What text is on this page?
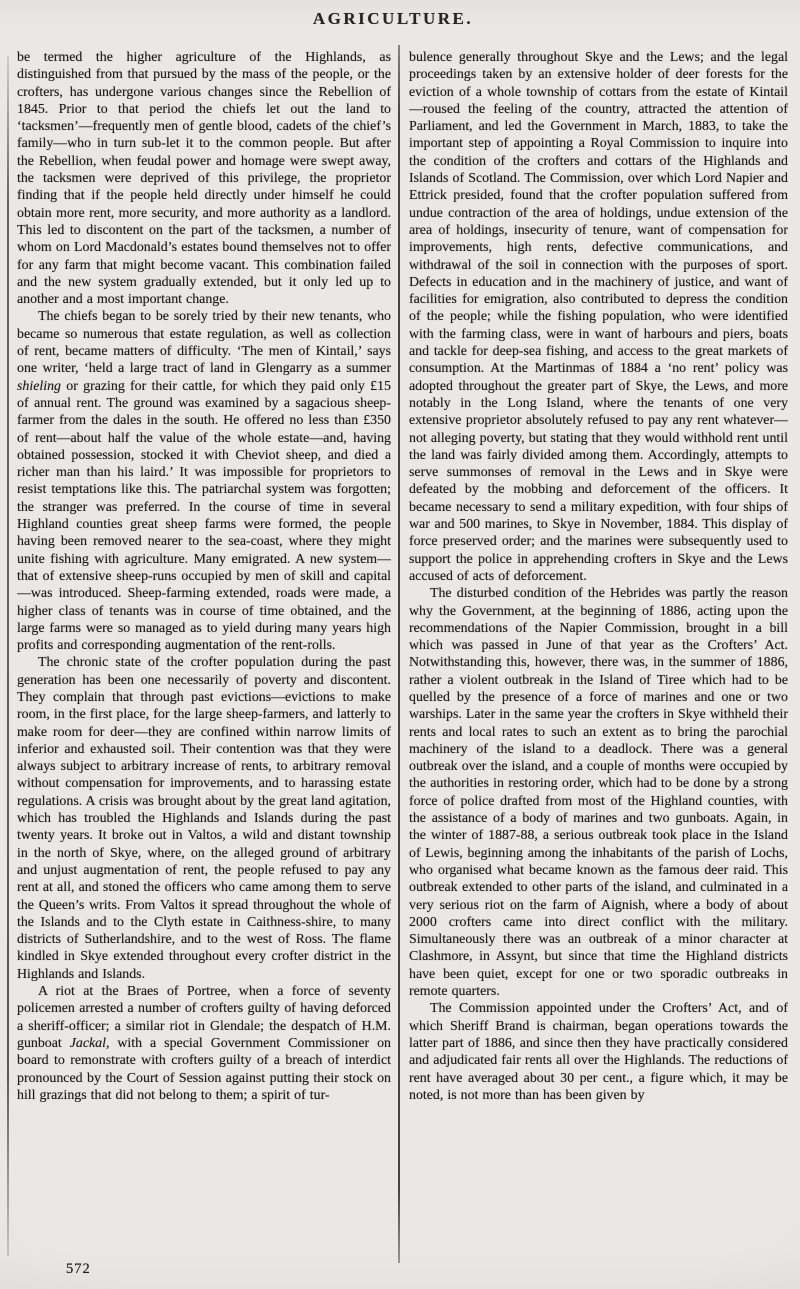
AGRICULTURE.

be termed the higher agriculture of the Highlands, as distinguished from that pursued by the mass of the people, or the crofters, has undergone various changes since the Rebellion of 1845. Prior to that period the chiefs let out the land to ‘tacksmen’—frequently men of gentle blood, cadets of the chief’s family—who in turn sub-let it to the common people. But after the Rebellion, when feudal power and homage were swept away, the tacksmen were deprived of this privilege, the proprietor finding that if the people held directly under himself he could obtain more rent, more security, and more authority as a landlord. This led to discontent on the part of the tacksmen, a number of whom on Lord Macdonald’s estates bound themselves not to offer for any farm that might become vacant. This combination failed and the new system gradually extended, but it only led up to another and a most important change.

The chiefs began to be sorely tried by their new tenants, who became so numerous that estate regulation, as well as collection of rent, became matters of difficulty. ‘The men of Kintail,’ says one writer, ‘held a large tract of land in Glengarry as a summer shieling or grazing for their cattle, for which they paid only £15 of annual rent. The ground was examined by a sagacious sheep-farmer from the dales in the south. He offered no less than £350 of rent—about half the value of the whole estate—and, having obtained possession, stocked it with Cheviot sheep, and died a richer man than his laird.’ It was impossible for proprietors to resist temptations like this. The patriarchal system was forgotten; the stranger was preferred. In the course of time in several Highland counties great sheep farms were formed, the people having been removed nearer to the sea-coast, where they might unite fishing with agriculture. Many emigrated. A new system—that of extensive sheep-runs occupied by men of skill and capital—was introduced. Sheep-farming extended, roads were made, a higher class of tenants was in course of time obtained, and the large farms were so managed as to yield during many years high profits and corresponding augmentation of the rent-rolls.

The chronic state of the crofter population during the past generation has been one necessarily of poverty and discontent. They complain that through past evictions—evictions to make room, in the first place, for the large sheep-farmers, and latterly to make room for deer—they are confined within narrow limits of inferior and exhausted soil. Their contention was that they were always subject to arbitrary increase of rents, to arbitrary removal without compensation for improvements, and to harassing estate regulations. A crisis was brought about by the great land agitation, which has troubled the Highlands and Islands during the past twenty years. It broke out in Valtos, a wild and distant township in the north of Skye, where, on the alleged ground of arbitrary and unjust augmentation of rent, the people refused to pay any rent at all, and stoned the officers who came among them to serve the Queen’s writs. From Valtos it spread throughout the whole of the Islands and to the Clyth estate in Caithness-shire, to many districts of Sutherlandshire, and to the west of Ross. The flame kindled in Skye extended throughout every crofter district in the Highlands and Islands.

A riot at the Braes of Portree, when a force of seventy policemen arrested a number of crofters guilty of having deforced a sheriff-officer; a similar riot in Glendale; the despatch of H.M. gunboat Jackal, with a special Government Commissioner on board to remonstrate with crofters guilty of a breach of interdict pronounced by the Court of Session against putting their stock on hill grazings that did not belong to them; a spirit of tur-

bulence generally throughout Skye and the Lews; and the legal proceedings taken by an extensive holder of deer forests for the eviction of a whole township of cottars from the estate of Kintail—roused the feeling of the country, attracted the attention of Parliament, and led the Government in March, 1883, to take the important step of appointing a Royal Commission to inquire into the condition of the crofters and cottars of the Highlands and Islands of Scotland. The Commission, over which Lord Napier and Ettrick presided, found that the crofter population suffered from undue contraction of the area of holdings, undue extension of the area of holdings, insecurity of tenure, want of compensation for improvements, high rents, defective communications, and withdrawal of the soil in connection with the purposes of sport. Defects in education and in the machinery of justice, and want of facilities for emigration, also contributed to depress the condition of the people; while the fishing population, who were identified with the farming class, were in want of harbours and piers, boats and tackle for deep-sea fishing, and access to the great markets of consumption. At the Martinmas of 1884 a ‘no rent’ policy was adopted throughout the greater part of Skye, the Lews, and more notably in the Long Island, where the tenants of one very extensive proprietor absolutely refused to pay any rent whatever—not alleging poverty, but stating that they would withhold rent until the land was fairly divided among them. Accordingly, attempts to serve summonses of removal in the Lews and in Skye were defeated by the mobbing and deforcement of the officers. It became necessary to send a military expedition, with four ships of war and 500 marines, to Skye in November, 1884. This display of force preserved order; and the marines were subsequently used to support the police in apprehending crofters in Skye and the Lews accused of acts of deforcement.

The disturbed condition of the Hebrides was partly the reason why the Government, at the beginning of 1886, acting upon the recommendations of the Napier Commission, brought in a bill which was passed in June of that year as the Crofters’ Act. Notwithstanding this, however, there was, in the summer of 1886, rather a violent outbreak in the Island of Tiree which had to be quelled by the presence of a force of marines and one or two warships. Later in the same year the crofters in Skye withheld their rents and local rates to such an extent as to bring the parochial machinery of the island to a deadlock. There was a general outbreak over the island, and a couple of months were occupied by the authorities in restoring order, which had to be done by a strong force of police drafted from most of the Highland counties, with the assistance of a body of marines and two gunboats. Again, in the winter of 1887-88, a serious outbreak took place in the Island of Lewis, beginning among the inhabitants of the parish of Lochs, who organised what became known as the famous deer raid. This outbreak extended to other parts of the island, and culminated in a very serious riot on the farm of Aignish, where a body of about 2000 crofters came into direct conflict with the military. Simultaneously there was an outbreak of a minor character at Clashmore, in Assynt, but since that time the Highland districts have been quiet, except for one or two sporadic outbreaks in remote quarters.

The Commission appointed under the Crofters’ Act, and of which Sheriff Brand is chairman, began operations towards the latter part of 1886, and since then they have practically considered and adjudicated fair rents all over the Highlands. The reductions of rent have averaged about 30 per cent., a figure which, it may be noted, is not more than has been given by

572
